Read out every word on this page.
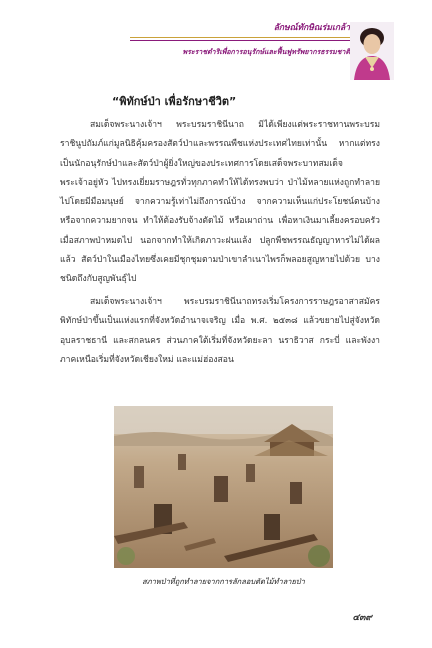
ลักษณ์ทักษิณร่มเกล้า
พระราชดำริเพื่อการอนุรักษ์และฟื้นฟูทรัพยากรธรรมชาติ
“พิทักษ์ป่า เพื่อรักษาชีวิต”

สมเด็จพระนางเจ้าฯ พระบรมราชินีนาถ มิได้เพียงแต่พระราชทานพระบรมราชินูปถัมภ์แก่มูลนิธิคุ้มครองสัตว์ป่าและพรรณพืชแห่งประเทศไทยเท่านั้น หากแต่ทรงเป็นนักอนุรักษ์ป่าและสัตว์ป่าผู้ยิ่งใหญ่ของประเทศการโดยเสด็จพระบาทสมเด็จพระเจ้าอยู่หัว ไปทรงเยี่ยมราษฎรทั่วทุกภาคทำให้ได้ทรงพบว่า ป่าไม้หลายแห่งถูกทำลายไปโดยมีมือมนุษย์ จากความรู้เท่าไม่ถึงการณ์บ้าง จากความเห็นแก่ประโยชน์ตนบ้าง หรือจากความยากจน ทำให้ต้องรับจ้างตัดไม้ หรือเผาถ่าน เพื่อหาเงินมาเลี้ยงครอบครัว เมื่อสภาพป่าหมดไป นอกจากทำให้เกิดภาวะฝนแล้ง ปลูกพืชพรรณธัญญาหารไม่ได้ผลแล้ว สัตว์ป่าในเมืองไทยซึ่งเคยมีชุกชุมตามป่าเขาลำเนาไพรก็พลอยสูญหายไปด้วย บางชนิดถึงกับสูญพันธุ์ไป

สมเด็จพระนางเจ้าฯ พระบรมราชินีนาถทรงเริ่มโครงการราษฎรอาสาสมัครพิทักษ์ป่าขึ้นเป็นแห่งแรกที่จังหวัดอำนาจเจริญ เมื่อ พ.ศ. ๒๕๓๘ แล้วขยายไปสู่จังหวัดอุบลราชธานี และสกลนคร ส่วนภาคใต้เริ่มที่จังหวัดยะลา นราธิวาส กระบี่ และพังงา ภาคเหนือเริ่มที่จังหวัดเชียงใหม่ และแม่ฮ่องสอน

สภาพป่าที่ถูกทำลายจากการลักลอบตัดไม้ทำลายป่า
๔๓๙
